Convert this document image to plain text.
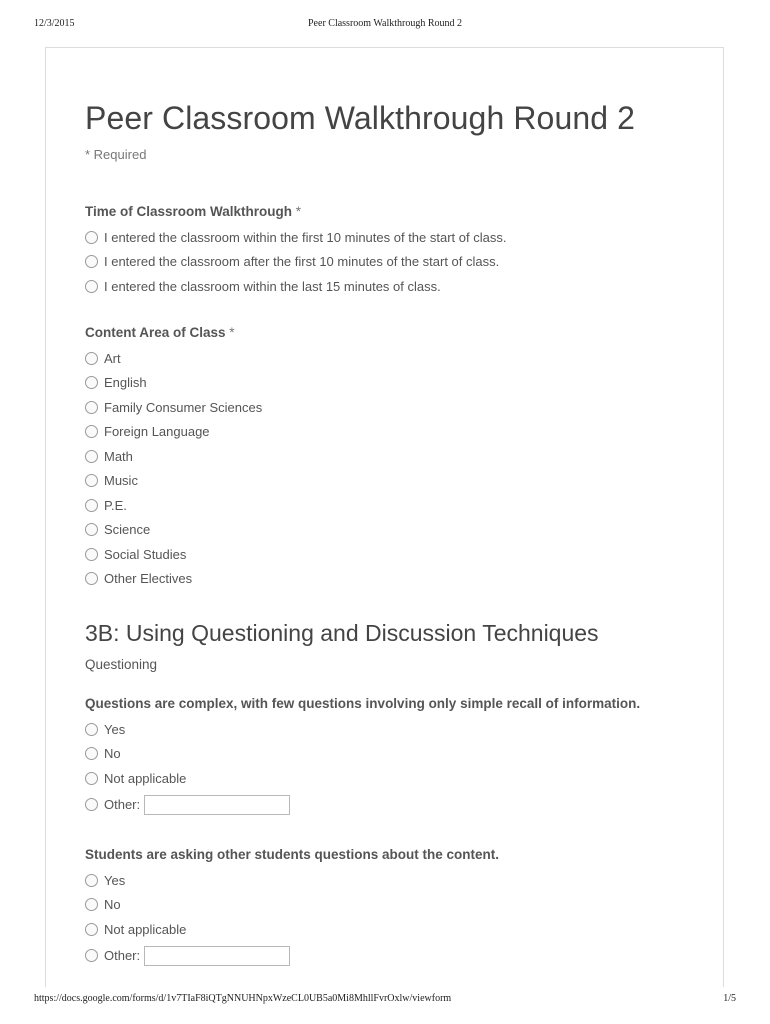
12/3/2015	Peer Classroom Walkthrough Round 2
Peer Classroom Walkthrough Round 2
* Required
Time of Classroom Walkthrough *
I entered the classroom within the first 10 minutes of the start of class.
I entered the classroom after the first 10 minutes of the start of class.
I entered the classroom within the last 15 minutes of class.
Content Area of Class *
Art
English
Family Consumer Sciences
Foreign Language
Math
Music
P.E.
Science
Social Studies
Other Electives
3B: Using Questioning and Discussion Techniques
Questioning
Questions are complex, with few questions involving only simple recall of information.
Yes
No
Not applicable
Other:
Students are asking other students questions about the content.
Yes
No
Not applicable
Other:
https://docs.google.com/forms/d/1v7TIaF8iQTgNNUHNpxWzeCL0UB5a0Mi8MhllFvrOxlw/viewform	1/5
